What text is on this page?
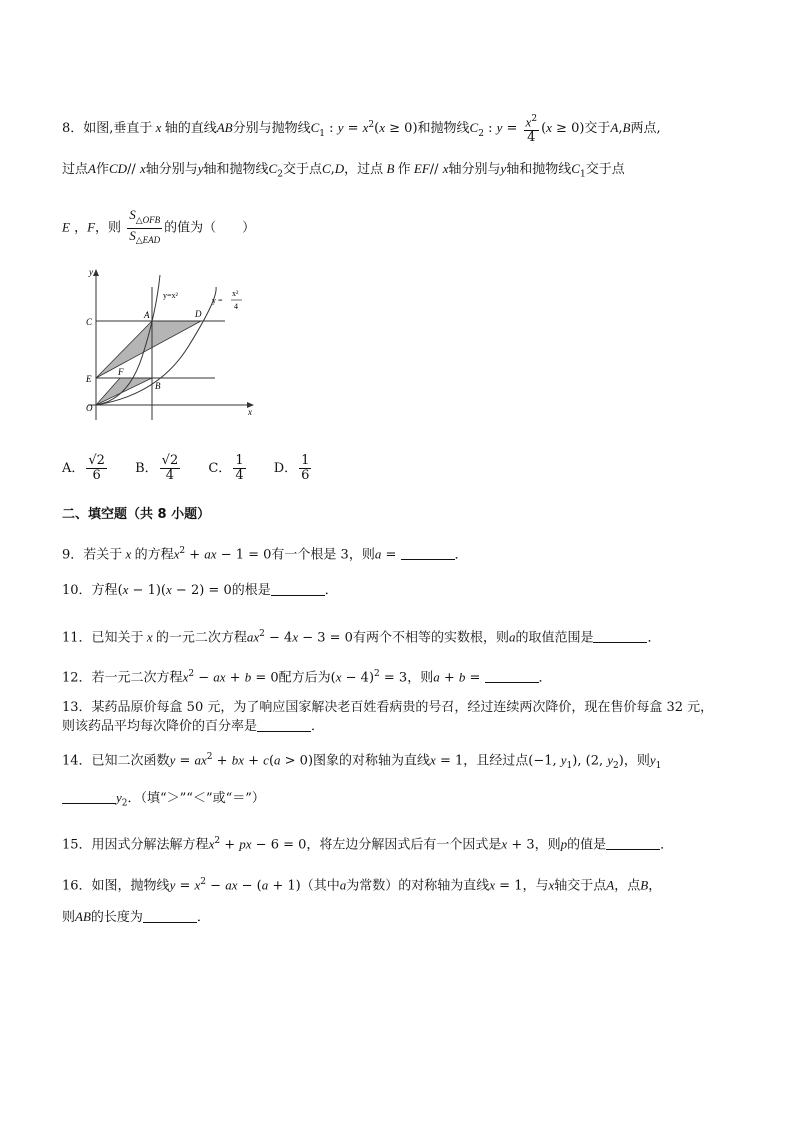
8．如图,垂直于 x 轴的直线AB分别与抛物线$C_1$ : $y = x^2(x \ge 0)$和抛物线$C_2$ : $y = \frac{x^2}{4} (x \ge 0)$交于A,B两点,
过点A作CD// x轴分别与y轴和抛物线$C_2$交于点C,D，过点 B 作 EF// x轴分别与y轴和抛物线$C_1$交于点
E ，F，则 $\frac{S_{\triangle OFB}}{S_{\triangle EAD}}$ 的值为（　　）
y
x
y=x²
y =
x²
4
A	D
C
E
F
B
O
A． $\frac{√2}{6}$ B． $\frac{√2}{4}$ C． $\frac{1}{4}$ D． $\frac{1}{6}$
二、填空题（共 8 小题）
9．若关于 x 的方程$x^2$ + ax − 1 = 0有一个根是 3，则a =	．
10．方程(x − 1)(x − 2) = 0的根是	．
11．已知关于 x 的一元二次方程$ax^2 - 4x - 3 = 0$有两个不相等的实数根，则a的取值范围是	．
12．若一元二次方程$x^2$ − ax + b = 0配方后为$(x - 4)^2 = 3$，则a + b =	．
13．某药品原价每盒 50 元，为了响应国家解决老百姓看病贵的号召，经过连续两次降价，现在售价每盒 32 元，
则该药品平均每次降价的百分率是	．
14．已知二次函数$y = ax^2$ + bx + c(a > 0)图象的对称轴为直线x = 1，且经过点(−1, $y_1$), (2, $y_2$)，则$y_1$
$y_2$．（填“＞”“＜”或“＝”）
15．用因式分解法解方程$x^2$ + px − 6 = 0，将左边分解因式后有一个因式是x + 3，则p的值是	．
16．如图，抛物线$y = x^2$ − ax − (a + 1)（其中a为常数）的对称轴为直线x = 1，与x轴交于点A，点B，
则AB的长度为	．
